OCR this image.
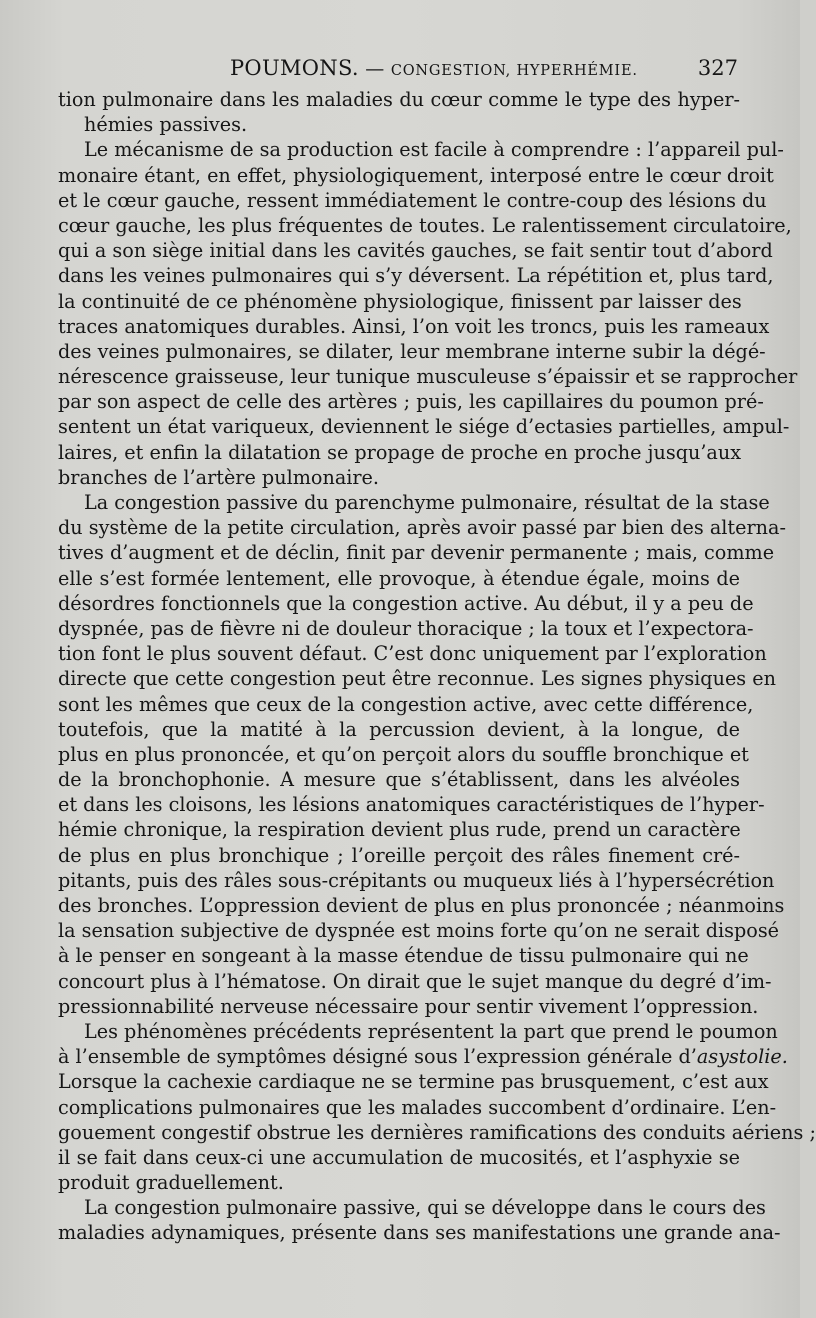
POUMONS. — CONGESTION, HYPERHÉMIE.	327
tion pulmonaire dans les maladies du cœur comme le type des hyper-
hémies passives.
Le mécanisme de sa production est facile à comprendre : l’appareil pul-
monaire étant, en effet, physiologiquement, interposé entre le cœur droit
et le cœur gauche, ressent immédiatement le contre-coup des lésions du
cœur gauche, les plus fréquentes de toutes. Le ralentissement circulatoire,
qui a son siège initial dans les cavités gauches, se fait sentir tout d’abord
dans les veines pulmonaires qui s’y déversent. La répétition et, plus tard,
la continuité de ce phénomène physiologique, finissent par laisser des
traces anatomiques durables. Ainsi, l’on voit les troncs, puis les rameaux
des veines pulmonaires, se dilater, leur membrane interne subir la dégé-
nérescence graisseuse, leur tunique musculeuse s’épaissir et se rapprocher
par son aspect de celle des artères ; puis, les capillaires du poumon pré-
sentent un état variqueux, deviennent le siége d’ectasies partielles, ampul-
laires, et enfin la dilatation se propage de proche en proche jusqu’aux
branches de l’artère pulmonaire.
La congestion passive du parenchyme pulmonaire, résultat de la stase
du système de la petite circulation, après avoir passé par bien des alterna-
tives d’augment et de déclin, finit par devenir permanente ; mais, comme
elle s’est formée lentement, elle provoque, à étendue égale, moins de
désordres fonctionnels que la congestion active. Au début, il y a peu de
dyspnée, pas de fièvre ni de douleur thoracique ; la toux et l’expectora-
tion font le plus souvent défaut. C’est donc uniquement par l’exploration
directe que cette congestion peut être reconnue. Les signes physiques en
sont les mêmes que ceux de la congestion active, avec cette différence,
toutefois, que la matité à la percussion devient, à la longue, de
plus en plus prononcée, et qu’on perçoit alors du souffle bronchique et
de la bronchophonie. A mesure que s’établissent, dans les alvéoles
et dans les cloisons, les lésions anatomiques caractéristiques de l’hyper-
hémie chronique, la respiration devient plus rude, prend un caractère
de plus en plus bronchique ; l’oreille perçoit des râles finement cré-
pitants, puis des râles sous-crépitants ou muqueux liés à l’hypersécrétion
des bronches. L’oppression devient de plus en plus prononcée ; néanmoins
la sensation subjective de dyspnée est moins forte qu’on ne serait disposé
à le penser en songeant à la masse étendue de tissu pulmonaire qui ne
concourt plus à l’hématose. On dirait que le sujet manque du degré d’im-
pressionnabilité nerveuse nécessaire pour sentir vivement l’oppression.
Les phénomènes précédents représentent la part que prend le poumon
à l’ensemble de symptômes désigné sous l’expression générale d’asystolie.
Lorsque la cachexie cardiaque ne se termine pas brusquement, c’est aux
complications pulmonaires que les malades succombent d’ordinaire. L’en-
gouement congestif obstrue les dernières ramifications des conduits aériens ;
il se fait dans ceux-ci une accumulation de mucosités, et l’asphyxie se
produit graduellement.
La congestion pulmonaire passive, qui se développe dans le cours des
maladies adynamiques, présente dans ses manifestations une grande ana-
